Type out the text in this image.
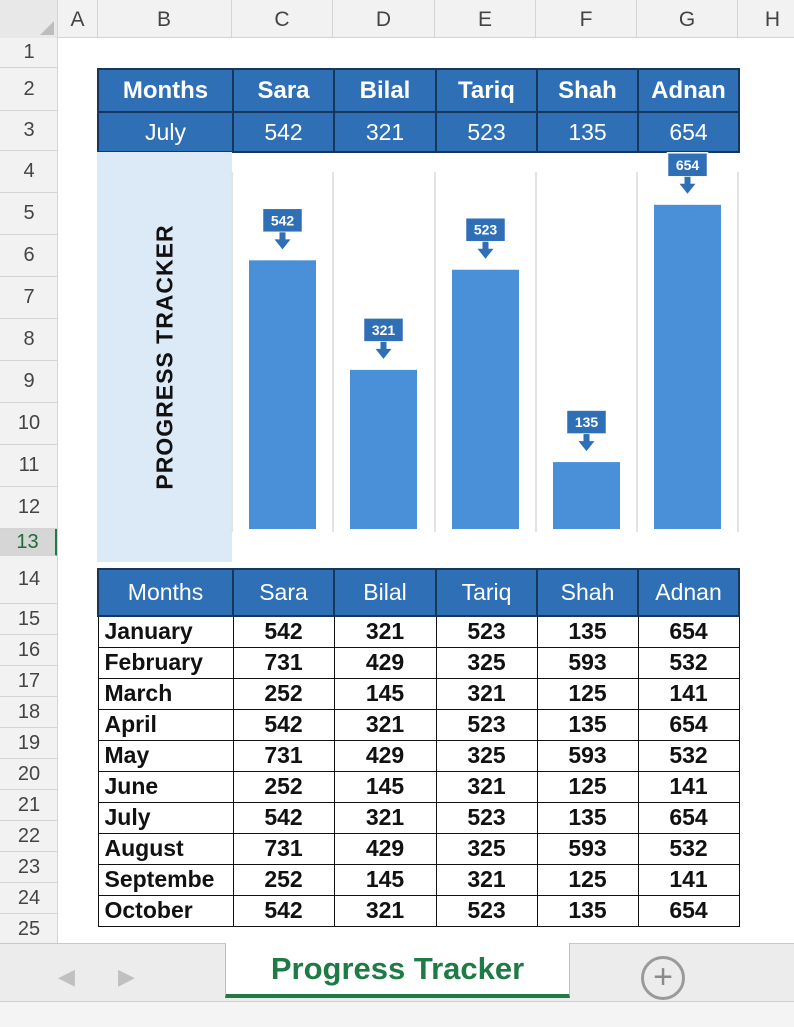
A	B	C	D	E	F	G	H
1
2
3
4
5
6
7
8
9
10
11
12
13
14
15
16
17
18
19
20
21
22
23
24
25
Months	Sara	Bilal	Tariq	Shah	Adnan
July	542	321	523	135	654
PROGRESS TRACKER
542
321
523
135
654
Months	Sara	Bilal	Tariq	Shah	Adnan
January	542	321	523	135	654
February	731	429	325	593	532
March	252	145	321	125	141
April	542	321	523	135	654
May	731	429	325	593	532
June	252	145	321	125	141
July	542	321	523	135	654
August	731	429	325	593	532
Septembe	252	145	321	125	141
October	542	321	523	135	654
◀ ▶	Progress Tracker	+
